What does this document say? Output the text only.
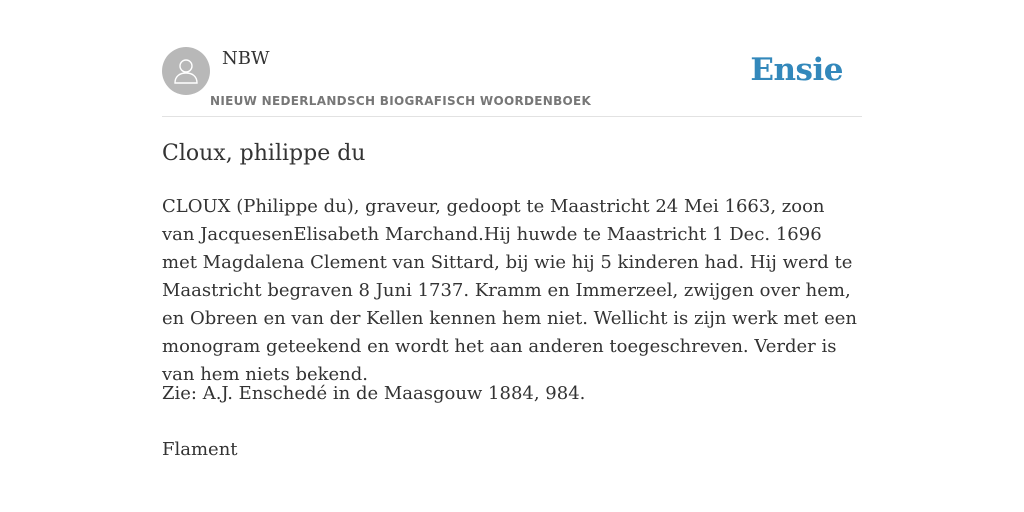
NBW
NIEUW NEDERLANDSCH BIOGRAFISCH WOORDENBOEK
Ensie
Cloux, philippe du

CLOUX (Philippe du), graveur, gedoopt te Maastricht 24 Mei 1663, zoon van JacquesenElisabeth Marchand.Hij huwde te Maastricht 1 Dec. 1696 met Magdalena Clement van Sittard, bij wie hij 5 kinderen had. Hij werd te Maastricht begraven 8 Juni 1737. Kramm en Immerzeel, zwijgen over hem, en Obreen en van der Kellen kennen hem niet. Wellicht is zijn werk met een monogram geteekend en wordt het aan anderen toegeschreven. Verder is van hem niets bekend.

Zie: A.J. Enschedé in de Maasgouw 1884, 984.
Flament
